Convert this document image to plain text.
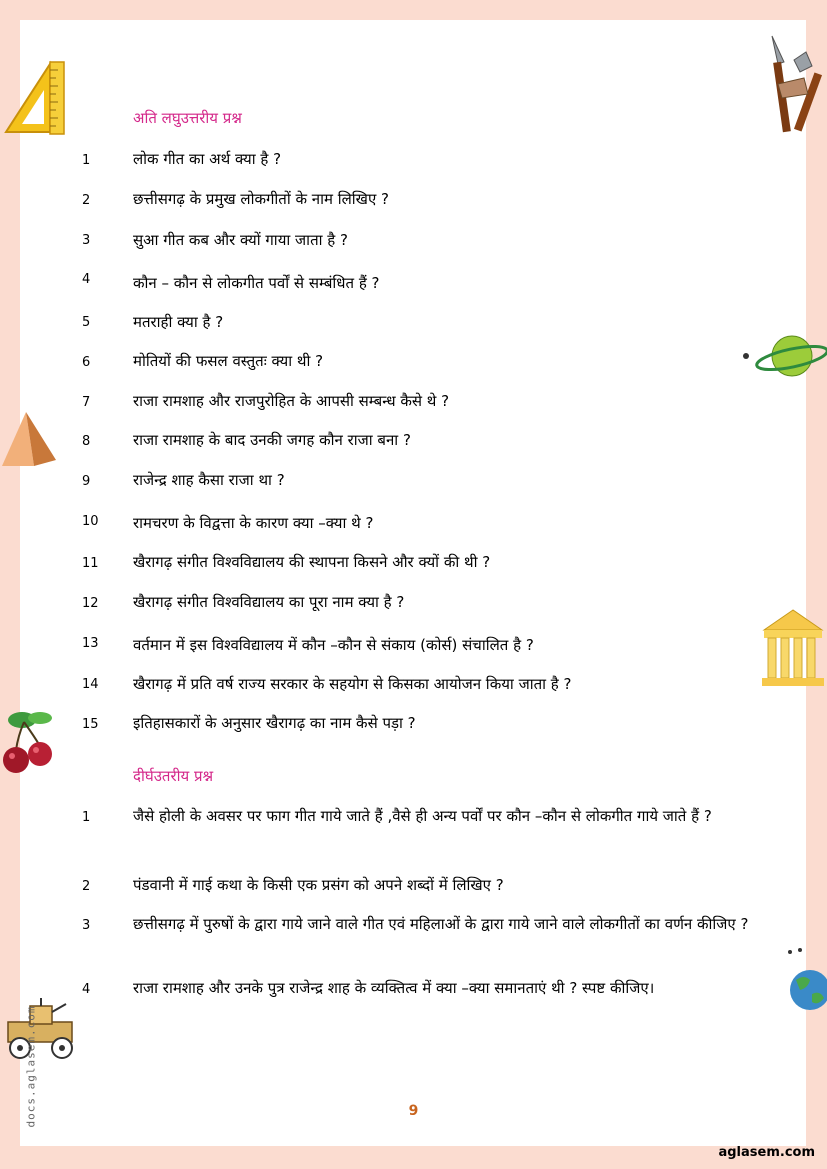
अति लघुउत्तरीय प्रश्न
1	लोक गीत का अर्थ क्या है ?
2	छत्तीसगढ़ के प्रमुख लोकगीतों के नाम लिखिए ?
3	सुआ गीत कब और क्यों गाया जाता है ?
4	कौन – कौन से लोकगीत पर्वों से सम्बंधित हैं ?
5	मतराही क्या है ?
6	मोतियों की फसल वस्तुतः क्या थी ?
7	राजा रामशाह और राजपुरोहित के आपसी सम्बन्ध कैसे थे ?
8	राजा रामशाह के बाद उनकी जगह कौन राजा बना ?
9	राजेन्द्र शाह कैसा राजा था ?
10	रामचरण के विद्वत्ता के कारण क्या –क्या थे ?
11	खैरागढ़ संगीत विश्वविद्यालय की स्थापना किसने और क्यों की थी ?
12	खैरागढ़ संगीत विश्वविद्यालय का पूरा नाम क्या है ?
13	वर्तमान में इस विश्वविद्यालय में कौन –कौन से संकाय (कोर्स) संचालित है ?
14	खैरागढ़ में प्रति वर्ष राज्य सरकार के सहयोग से किसका आयोजन किया जाता है ?
15	इतिहासकारों के अनुसार खैरागढ़ का नाम कैसे पड़ा ?
दीर्घउतरीय प्रश्न
1	जैसे होली के अवसर पर फाग गीत गाये जाते हैं ,वैसे ही अन्य पर्वों पर कौन –कौन से लोकगीत गाये जाते हैं ?
2	पंडवानी में गाई कथा के किसी एक प्रसंग को अपने शब्दों में लिखिए ?
3	छत्तीसगढ़ में पुरुषों के द्वारा गाये जाने वाले गीत एवं महिलाओं के द्वारा गाये जाने वाले लोकगीतों का वर्णन कीजिए ?
4	राजा रामशाह और उनके पुत्र राजेन्द्र शाह के व्यक्तित्व में क्या –क्या समानताएं थी ? स्पष्ट कीजिए।
9
aglasem.com
docs.aglasem.com
